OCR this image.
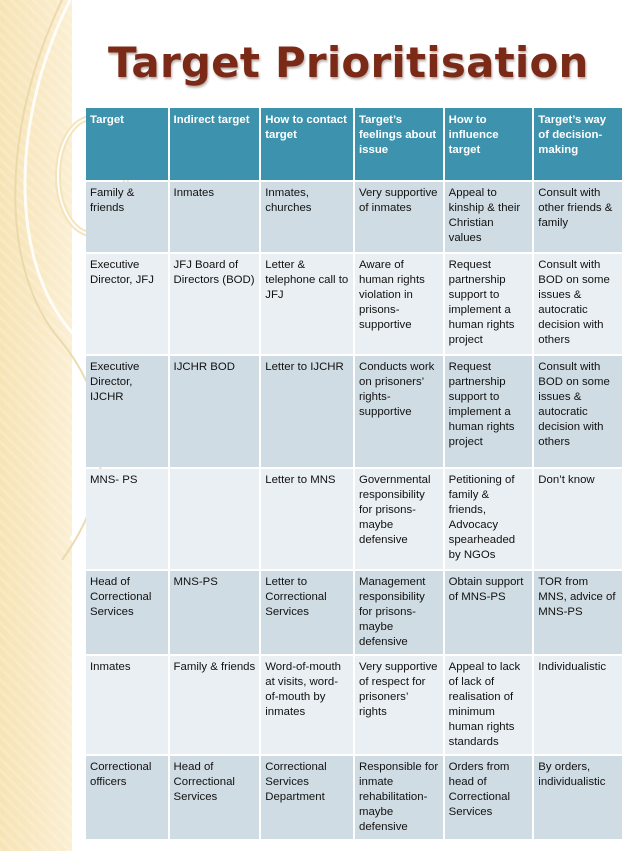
Target Prioritisation
Target	Indirect target	How to contact target	Target’s feelings about issue	How to influence target	Target’s way of decision-making
Family & friends	Inmates	Inmates, churches	Very supportive of inmates	Appeal to kinship & their Christian values	Consult with other friends & family
Executive Director, JFJ	JFJ Board of Directors (BOD)	Letter & telephone call to JFJ	Aware of human rights violation in prisons-supportive	Request partnership support to implement a human rights project	Consult with BOD on some issues & autocratic decision with others
Executive Director, IJCHR	IJCHR BOD	Letter to IJCHR	Conducts work on prisoners’ rights-supportive	Request partnership support to implement a human rights project	Consult with BOD on some issues & autocratic decision with others
MNS- PS		Letter to MNS	Governmental responsibility for prisons-maybe defensive	Petitioning of family & friends, Advocacy spearheaded by NGOs	Don’t know
Head of Correctional Services	MNS-PS	Letter to Correctional Services	Management responsibility for prisons-maybe defensive	Obtain support of MNS-PS	TOR from MNS, advice of MNS-PS
Inmates	Family & friends	Word-of-mouth at visits, word-of-mouth by inmates	Very supportive of respect for prisoners’ rights	Appeal to lack of lack of realisation of minimum human rights standards	Individualistic
Correctional officers	Head of Correctional Services	Correctional Services Department	Responsible for inmate rehabilitation-maybe defensive	Orders from head of Correctional Services	By orders, individualistic
